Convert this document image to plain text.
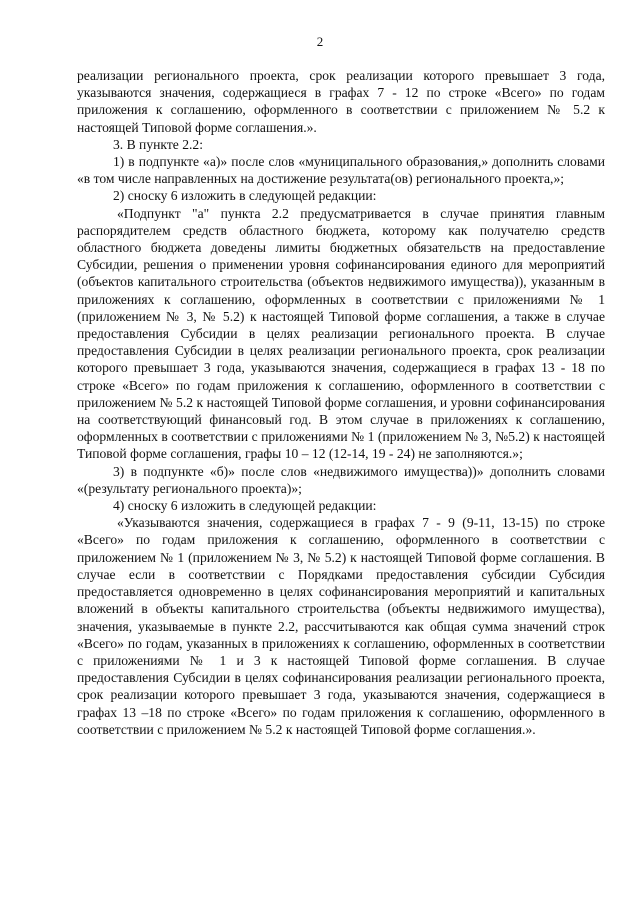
2

реализации регионального проекта, срок реализации которого превышает 3 года, указываются значения, содержащиеся в графах 7 - 12 по строке «Всего» по годам приложения к соглашению, оформленного в соответствии с приложением № 5.2 к настоящей Типовой форме соглашения.».

3. В пункте 2.2:

1) в подпункте «а)» после слов «муниципального образования,» дополнить словами «в том числе направленных на достижение результата(ов) регионального проекта,»;

2) сноску 6 изложить в следующей редакции:

«Подпункт "а" пункта 2.2 предусматривается в случае принятия главным распорядителем средств областного бюджета, которому как получателю средств областного бюджета доведены лимиты бюджетных обязательств на предоставление Субсидии, решения о применении уровня софинансирования единого для мероприятий (объектов капитального строительства (объектов недвижимого имущества)), указанным в приложениях к соглашению, оформленных в соответствии с приложениями № 1 (приложением № 3, № 5.2) к настоящей Типовой форме соглашения, а также в случае предоставления Субсидии в целях реализации регионального проекта. В случае предоставления Субсидии в целях реализации регионального проекта, срок реализации которого превышает 3 года, указываются значения, содержащиеся в графах 13 - 18 по строке «Всего» по годам приложения к соглашению, оформленного в соответствии с приложением № 5.2 к настоящей Типовой форме соглашения, и уровни софинансирования на соответствующий финансовый год. В этом случае в приложениях к соглашению, оформленных в соответствии с приложениями № 1 (приложением № 3, №5.2) к настоящей Типовой форме соглашения, графы 10 – 12 (12-14, 19 - 24) не заполняются.»;

3) в подпункте «б)» после слов «недвижимого имущества))» дополнить словами «(результату регионального проекта)»;

4) сноску 6 изложить в следующей редакции:

«Указываются значения, содержащиеся в графах 7 - 9 (9-11, 13-15) по строке «Всего» по годам приложения к соглашению, оформленного в соответствии с приложением № 1 (приложением № 3, № 5.2) к настоящей Типовой форме соглашения. В случае если в соответствии с Порядками предоставления субсидии Субсидия предоставляется одновременно в целях софинансирования мероприятий и капитальных вложений в объекты капитального строительства (объекты недвижимого имущества), значения, указываемые в пункте 2.2, рассчитываются как общая сумма значений строк «Всего» по годам, указанных в приложениях к соглашению, оформленных в соответствии с приложениями № 1 и 3 к настоящей Типовой форме соглашения. В случае предоставления Субсидии в целях софинансирования реализации регионального проекта, срок реализации которого превышает 3 года, указываются значения, содержащиеся в графах 13 –18 по строке «Всего» по годам приложения к соглашению, оформленного в соответствии с приложением № 5.2 к настоящей Типовой форме соглашения.».
